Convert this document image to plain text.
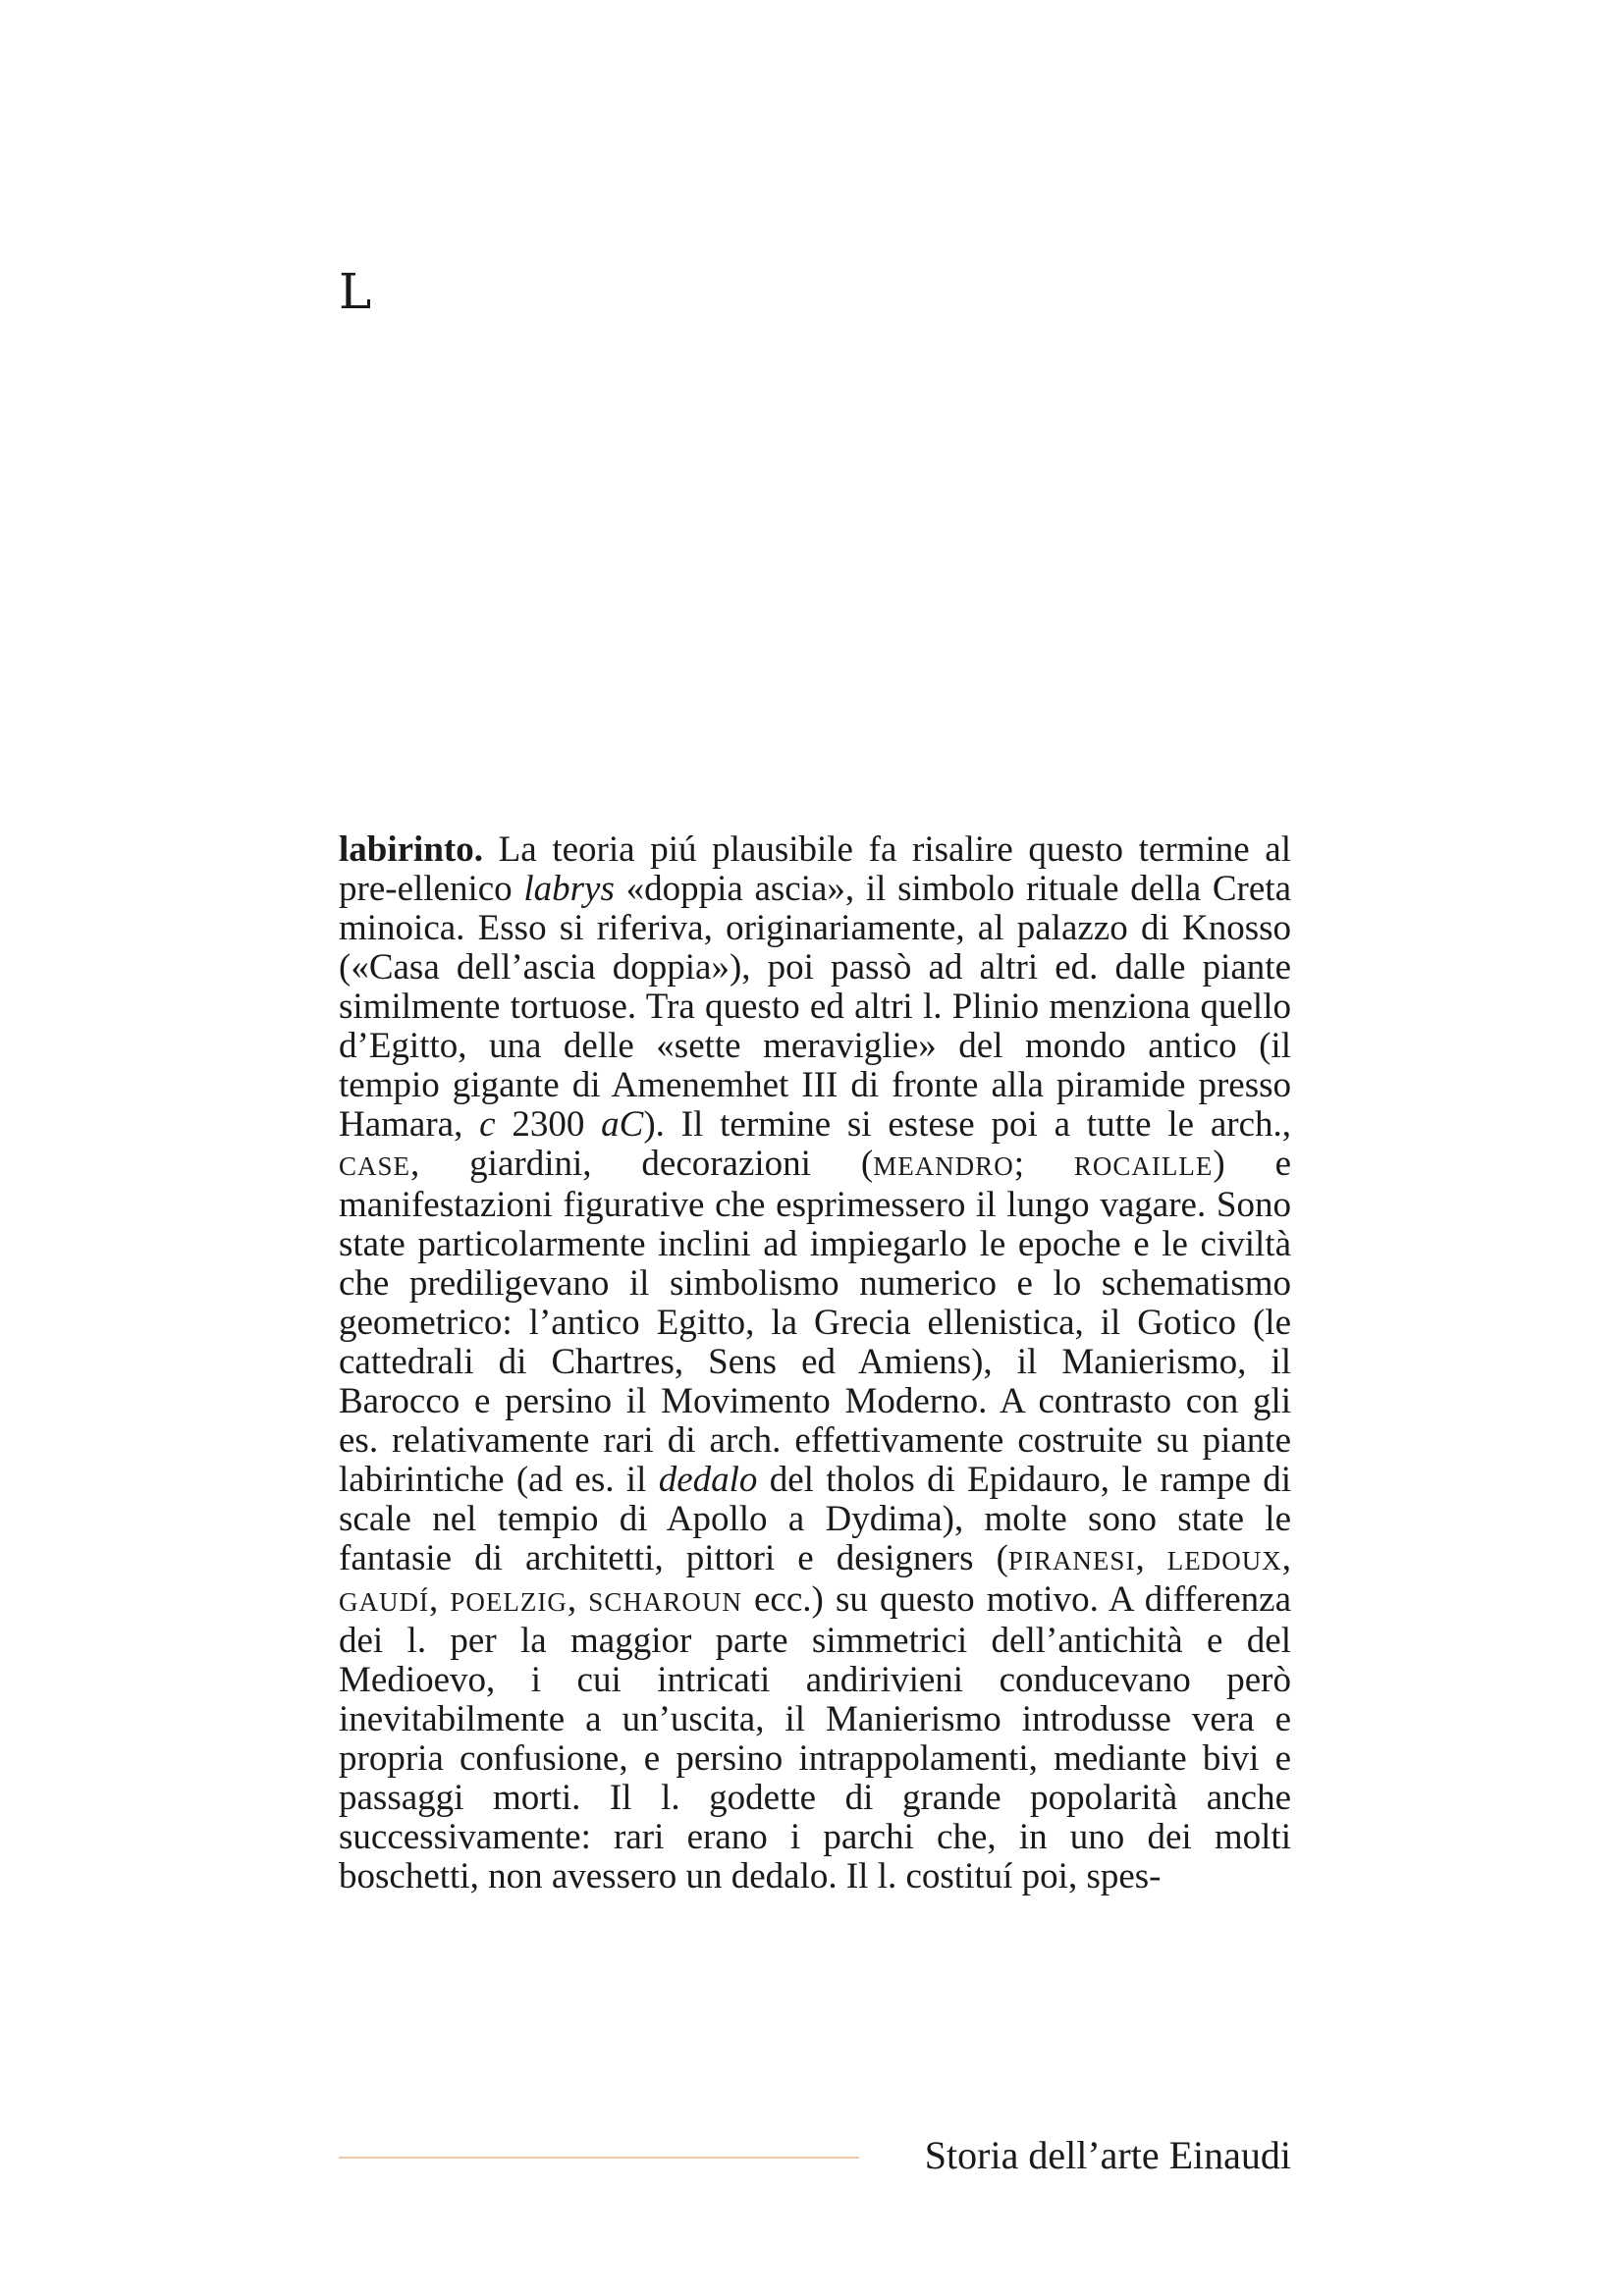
L

labirinto. La teoria piú plausibile fa risalire questo termine al pre-ellenico labrys «doppia ascia», il simbolo rituale della Creta minoica. Esso si riferiva, originariamente, al palazzo di Knosso («Casa dell’ascia doppia»), poi passò ad altri ed. dalle piante similmente tortuose. Tra questo ed altri l. Plinio menziona quello d’Egitto, una delle «sette meraviglie» del mondo antico (il tempio gigante di Amenemhet III di fronte alla piramide presso Hamara, c 2300 aC). Il termine si estese poi a tutte le arch., CASE, giardini, decorazioni (MEANDRO; ROCAILLE) e manifestazioni figurative che esprimessero il lungo vagare. Sono state particolarmente inclini ad impiegarlo le epoche e le civiltà che prediligevano il simbolismo numerico e lo schematismo geometrico: l’antico Egitto, la Grecia ellenistica, il Gotico (le cattedrali di Chartres, Sens ed Amiens), il Manierismo, il Barocco e persino il Movimento Moderno. A contrasto con gli es. relativamente rari di arch. effettivamente costruite su piante labirintiche (ad es. il dedalo del tholos di Epidauro, le rampe di scale nel tempio di Apollo a Dydima), molte sono state le fantasie di architetti, pittori e designers (PIRANESI, LEDOUX, GAUDÍ, POELZIG, SCHAROUN ecc.) su questo motivo. A differenza dei l. per la maggior parte simmetrici dell’antichità e del Medioevo, i cui intricati andirivieni conducevano però inevitabilmente a un’uscita, il Manierismo introdusse vera e propria confusione, e persino intrappolamenti, mediante bivi e passaggi morti. Il l. godette di grande popolarità anche successivamente: rari erano i parchi che, in uno dei molti boschetti, non avessero un dedalo. Il l. costituí poi, spes-

Storia dell’arte Einaudi
